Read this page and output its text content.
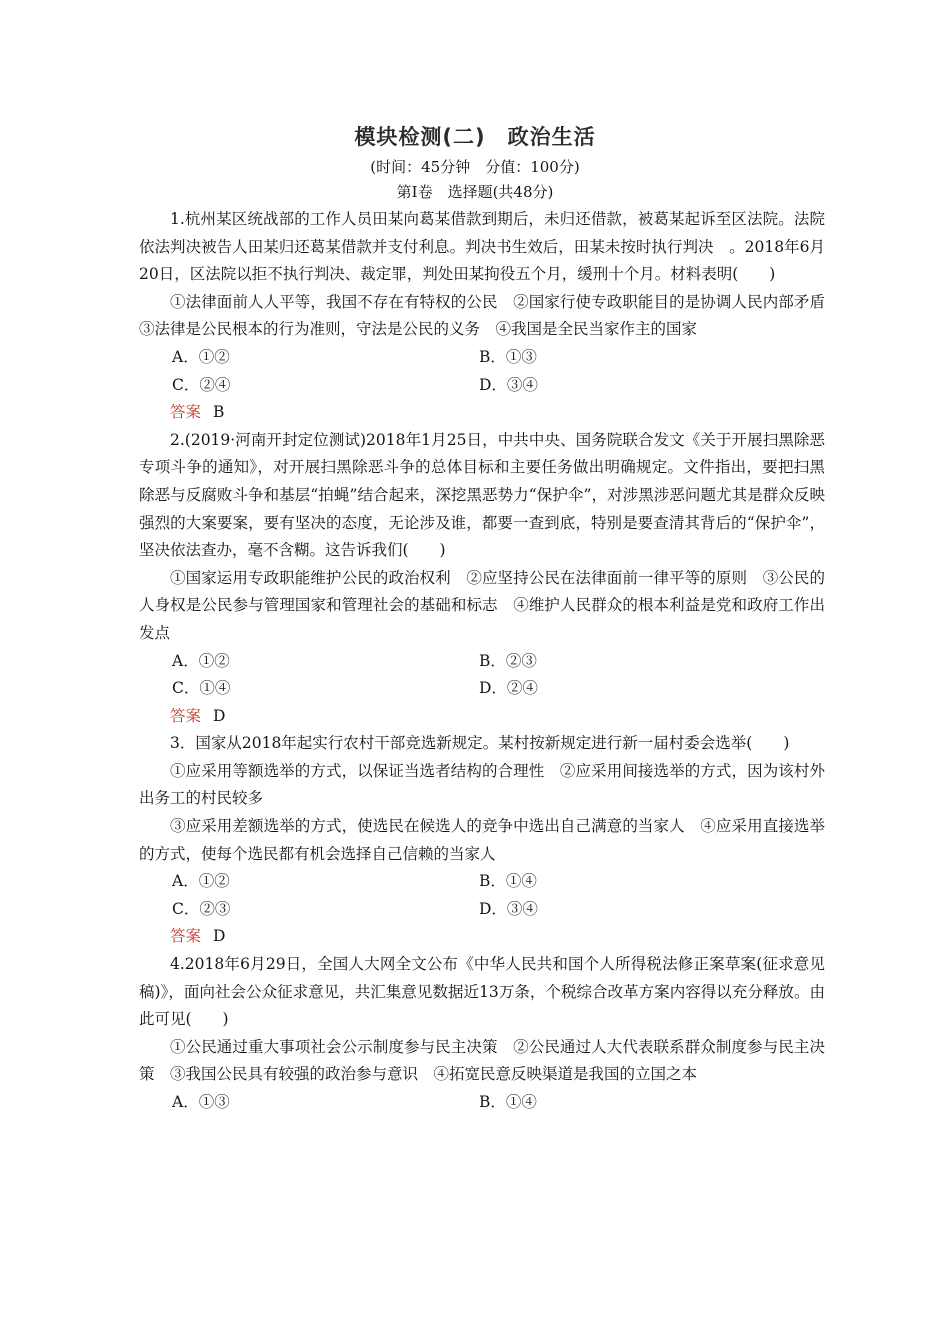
模块检测(二) 政治生活
(时间：45分钟　分值：100分)
第Ⅰ卷　选择题(共48分)

1.杭州某区统战部的工作人员田某向葛某借款到期后，未归还借款，被葛某起诉至区法院。法院依法判决被告人田某归还葛某借款并支付利息。判决书生效后，田某未按时执行判决　。2018年6月20日，区法院以拒不执行判决、裁定罪，判处田某拘役五个月，缓刑十个月。材料表明(　　)

①法律面前人人平等，我国不存在有特权的公民　②国家行使专政职能目的是协调人民内部矛盾　③法律是公民根本的行为准则，守法是公民的义务　④我国是全民当家作主的国家

A．①②	B．①③
C．②④	D．③④
答案 B

2.(2019·河南开封定位测试)2018年1月25日，中共中央、国务院联合发文《关于开展扫黑除恶专项斗争的通知》，对开展扫黑除恶斗争的总体目标和主要任务做出明确规定。文件指出，要把扫黑除恶与反腐败斗争和基层“拍蝇”结合起来，深挖黑恶势力“保护伞”，对涉黑涉恶问题尤其是群众反映强烈的大案要案，要有坚决的态度，无论涉及谁，都要一查到底，特别是要查清其背后的“保护伞”，坚决依法查办，毫不含糊。这告诉我们(　　)

①国家运用专政职能维护公民的政治权利　②应坚持公民在法律面前一律平等的原则　③公民的人身权是公民参与管理国家和管理社会的基础和标志　④维护人民群众的根本利益是党和政府工作出发点

A．①②	B．②③
C．①④	D．②④
答案 D

3．国家从2018年起实行农村干部竞选新规定。某村按新规定进行新一届村委会选举(　　)

①应采用等额选举的方式，以保证当选者结构的合理性　②应采用间接选举的方式，因为该村外出务工的村民较多

③应采用差额选举的方式，使选民在候选人的竞争中选出自己满意的当家人　④应采用直接选举的方式，使每个选民都有机会选择自己信赖的当家人

A．①②	B．①④
C．②③	D．③④
答案 D

4.2018年6月29日，全国人大网全文公布《中华人民共和国个人所得税法修正案草案(征求意见稿)》，面向社会公众征求意见，共汇集意见数据近13万条，个税综合改革方案内容得以充分释放。由此可见(　　)

①公民通过重大事项社会公示制度参与民主决策　②公民通过人大代表联系群众制度参与民主决策　③我国公民具有较强的政治参与意识　④拓宽民意反映渠道是我国的立国之本

A．①③	B．①④
